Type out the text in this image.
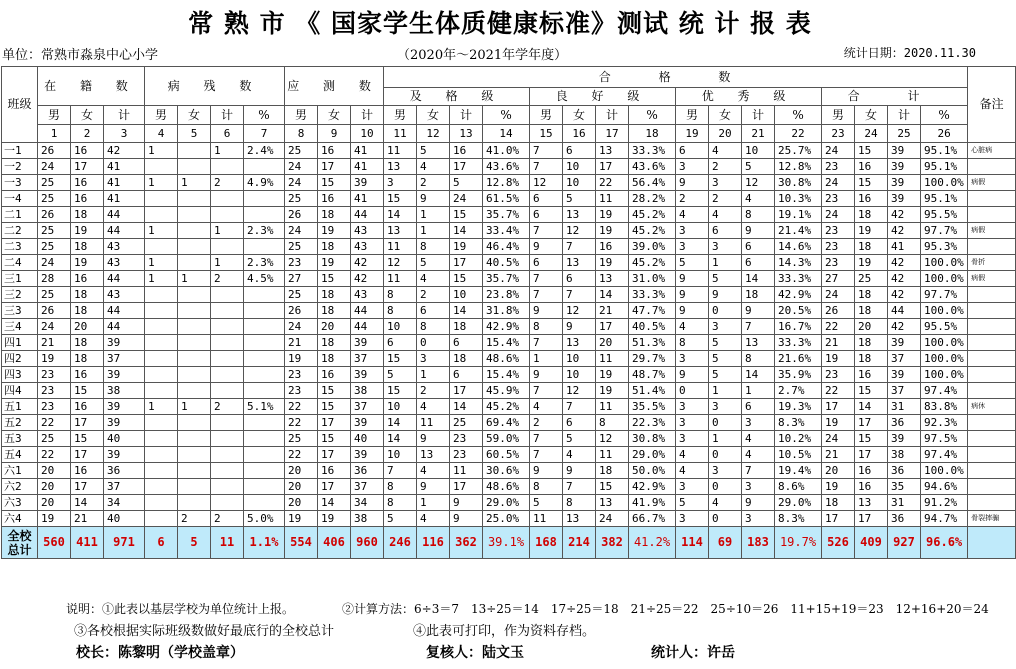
常 熟 市 《 国家学生体质健康标准》测试 统 计 报 表
单位：常熟市淼泉中心小学	（2020年～2021年学年度）	统计日期：2020.11.30
班级	在 籍 数			病 残 数				应 测 数			合 格 数																备注
											及 格 级				良 好 级				优 秀 级				合 计				
	男	女	计	男	女	计	%	男	女	计	男	女	计	%	男	女	计	%	男	女	计	%	男	女	计	%	
	1	2	3	4	5	6	7	8	9	10	11	12	13	14	15	16	17	18	19	20	21	22	23	24	25	26	
一1	26	16	42	1		1	2.4%	25	16	41	11	5	16	41.0%	7	6	13	33.3%	6	4	10	25.7%	24	15	39	95.1%	心脏病
一2	24	17	41					24	17	41	13	4	17	43.6%	7	10	17	43.6%	3	2	5	12.8%	23	16	39	95.1%	
一3	25	16	41	1	1	2	4.9%	24	15	39	3	2	5	12.8%	12	10	22	56.4%	9	3	12	30.8%	24	15	39	100.0%	病假
一4	25	16	41					25	16	41	15	9	24	61.5%	6	5	11	28.2%	2	2	4	10.3%	23	16	39	95.1%	
二1	26	18	44					26	18	44	14	1	15	35.7%	6	13	19	45.2%	4	4	8	19.1%	24	18	42	95.5%	
二2	25	19	44	1		1	2.3%	24	19	43	13	1	14	33.4%	7	12	19	45.2%	3	6	9	21.4%	23	19	42	97.7%	病假
二3	25	18	43					25	18	43	11	8	19	46.4%	9	7	16	39.0%	3	3	6	14.6%	23	18	41	95.3%	
二4	24	19	43	1		1	2.3%	23	19	42	12	5	17	40.5%	6	13	19	45.2%	5	1	6	14.3%	23	19	42	100.0%	骨折
三1	28	16	44	1	1	2	4.5%	27	15	42	11	4	15	35.7%	7	6	13	31.0%	9	5	14	33.3%	27	25	42	100.0%	病假
三2	25	18	43					25	18	43	8	2	10	23.8%	7	7	14	33.3%	9	9	18	42.9%	24	18	42	97.7%	
三3	26	18	44					26	18	44	8	6	14	31.8%	9	12	21	47.7%	9	0	9	20.5%	26	18	44	100.0%	
三4	24	20	44					24	20	44	10	8	18	42.9%	8	9	17	40.5%	4	3	7	16.7%	22	20	42	95.5%	
四1	21	18	39					21	18	39	6	0	6	15.4%	7	13	20	51.3%	8	5	13	33.3%	21	18	39	100.0%	
四2	19	18	37					19	18	37	15	3	18	48.6%	1	10	11	29.7%	3	5	8	21.6%	19	18	37	100.0%	
四3	23	16	39					23	16	39	5	1	6	15.4%	9	10	19	48.7%	9	5	14	35.9%	23	16	39	100.0%	
四4	23	15	38					23	15	38	15	2	17	45.9%	7	12	19	51.4%	0	1	1	2.7%	22	15	37	97.4%	
五1	23	16	39	1	1	2	5.1%	22	15	37	10	4	14	45.2%	4	7	11	35.5%	3	3	6	19.3%	17	14	31	83.8%	病休
五2	22	17	39					22	17	39	14	11	25	69.4%	2	6	8	22.3%	3	0	3	8.3%	19	17	36	92.3%	
五3	25	15	40					25	15	40	14	9	23	59.0%	7	5	12	30.8%	3	1	4	10.2%	24	15	39	97.5%	
五4	22	17	39					22	17	39	10	13	23	60.5%	7	4	11	29.0%	4	0	4	10.5%	21	17	38	97.4%	
六1	20	16	36					20	16	36	7	4	11	30.6%	9	9	18	50.0%	4	3	7	19.4%	20	16	36	100.0%	
六2	20	17	37					20	17	37	8	9	17	48.6%	8	7	15	42.9%	3	0	3	8.6%	19	16	35	94.6%	
六3	20	14	34					20	14	34	8	1	9	29.0%	5	8	13	41.9%	5	4	9	29.0%	18	13	31	91.2%	
六4	19	21	40		2	2	5.0%	19	19	38	5	4	9	25.0%	11	13	24	66.7%	3	0	3	8.3%	17	17	36	94.7%	骨裂摔骟
全校总计	560	411	971	6	5	11	1.1%	554	406	960	246	116	362	39.1%	168	214	382	41.2%	114	69	183	19.7%	526	409	927	96.6%	
说明：①此表以基层学校为单位统计上报。	②计算方法：6÷3＝7　13÷25＝14　17÷25＝18　21÷25＝22　25÷10＝26　11+15+19＝23　12+16+20＝24
③各校根据实际班级数做好最底行的全校总计	④此表可打印，作为资料存档。
校长：陈黎明（学校盖章）	复核人：陆文玉	统计人：许岳
